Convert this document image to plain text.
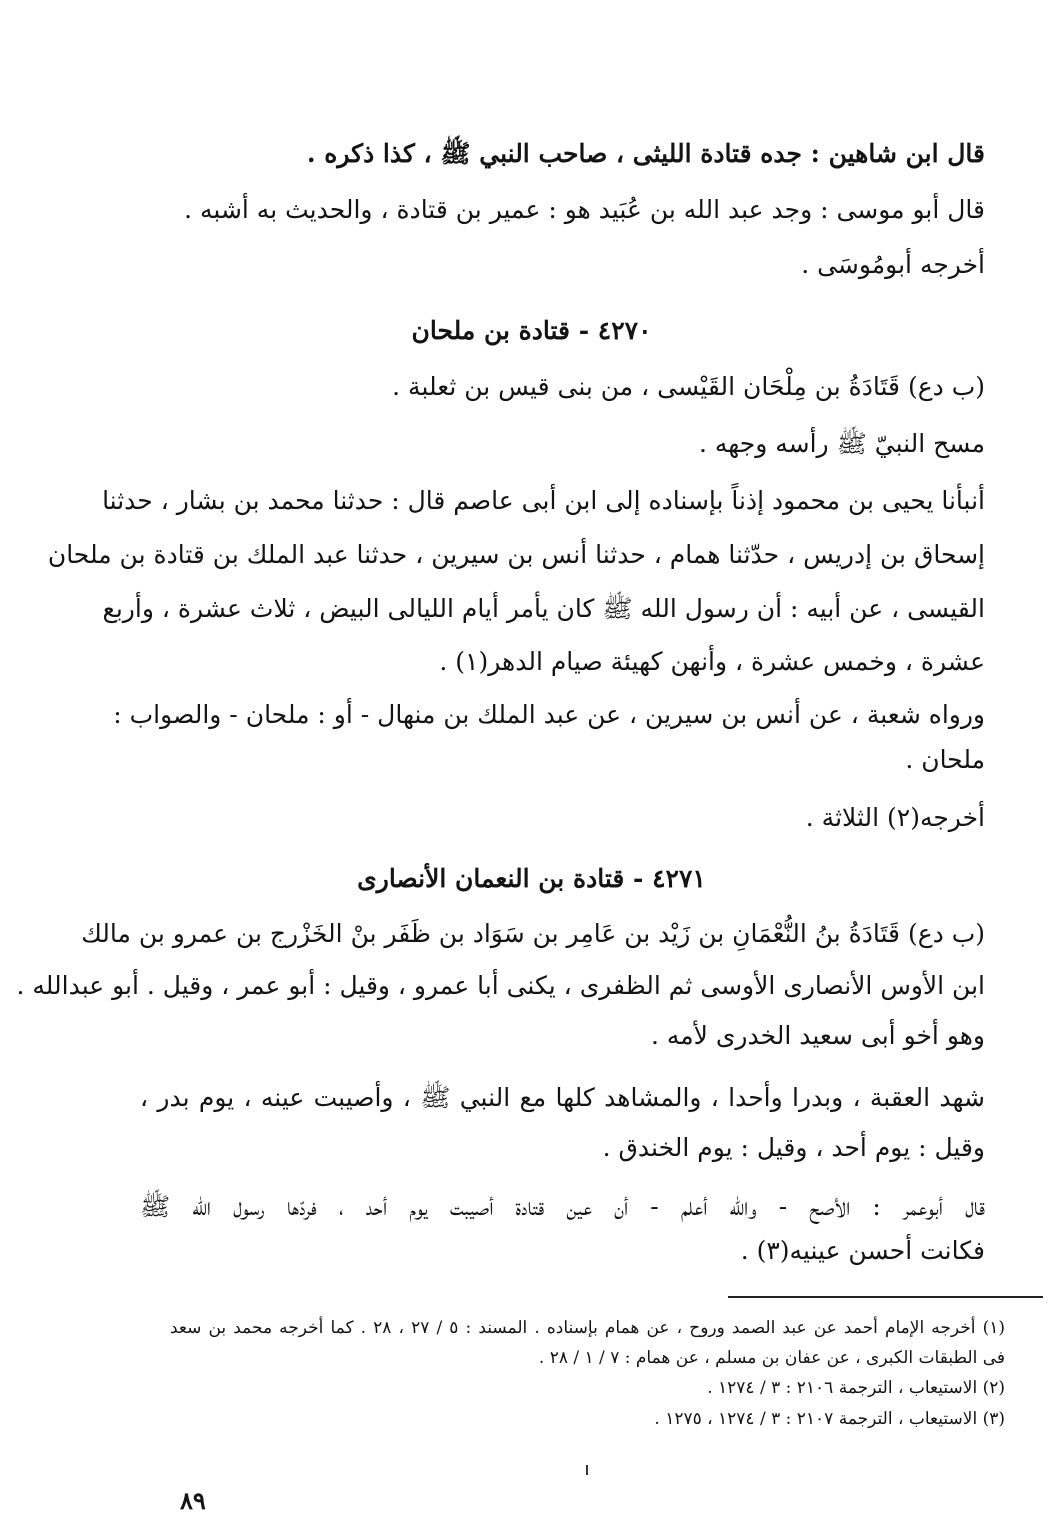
قال ابن شاهين : جده قتادة الليثى ، صاحب النبي ﷺ ، كذا ذكره .
قال أبو موسى : وجد عبد الله بن عُبَيد هو : عمير بن قتادة ، والحديث به أشبه .
أخرجه أبومُوسَى .
٤٢٧٠ - قتادة بن ملحان
(ب دع) قَتَادَةُ بن مِلْحَان القَيْسى ، من بنى قيس بن ثعلبة .
مسح النبيّ ﷺ رأسه وجهه .
أنبأنا يحيى بن محمود إذناً بإسناده إلى ابن أبى عاصم قال : حدثنا محمد بن بشار ، حدثنا
إسحاق بن إدريس ، حدّثنا همام ، حدثنا أنس بن سيرين ، حدثنا عبد الملك بن قتادة بن ملحان
القيسى ، عن أبيه : أن رسول الله ﷺ كان يأمر أيام الليالى البيض ، ثلاث عشرة ، وأربع
عشرة ، وخمس عشرة ، وأنهن كهيئة صيام الدهر(١) .
ورواه شعبة ، عن أنس بن سيرين ، عن عبد الملك بن منهال - أو : ملحان - والصواب :
ملحان .
أخرجه(٢) الثلاثة .
٤٢٧١ - قتادة بن النعمان الأنصارى
(ب دع) قَتَادَةُ بنُ النُّعْمَانِ بن زَيْد بن عَامِر بن سَوَاد بن ظَفَر بنْ الخَزْرج بن عمرو بن مالك
ابن الأوس الأنصارى الأوسى ثم الظفرى ، يكنى أبا عمرو ، وقيل : أبو عمر ، وقيل . أبو عبدالله .
وهو أخو أبى سعيد الخدرى لأمه .
شهد العقبة ، وبدرا وأحدا ، والمشاهد كلها مع النبي ﷺ ، وأصيبت عينه ، يوم بدر ،
وقيل : يوم أحد ، وقيل : يوم الخندق .
قال أبوعمر : الأصح - والله أعلم - أن عين قتادة أصيبت يوم أحد ، فردّها رسول الله ﷺ
فكانت أحسن عينيه(٣) .
(١) أخرجه الإمام أحمد عن عبد الصمد وروح ، عن همام بإسناده . المسند : ٥ / ٢٧ ، ٢٨ . كما أخرجه محمد بن سعد
فى الطبقات الكبرى ، عن عفان بن مسلم ، عن همام : ٧ / ١ / ٢٨ .
(٢) الاستيعاب ، الترجمة ٢١٠٦ : ٣ / ١٢٧٤ .
(٣) الاستيعاب ، الترجمة ٢١٠٧ : ٣ / ١٢٧٤ ، ١٢٧٥ .
٨٩
